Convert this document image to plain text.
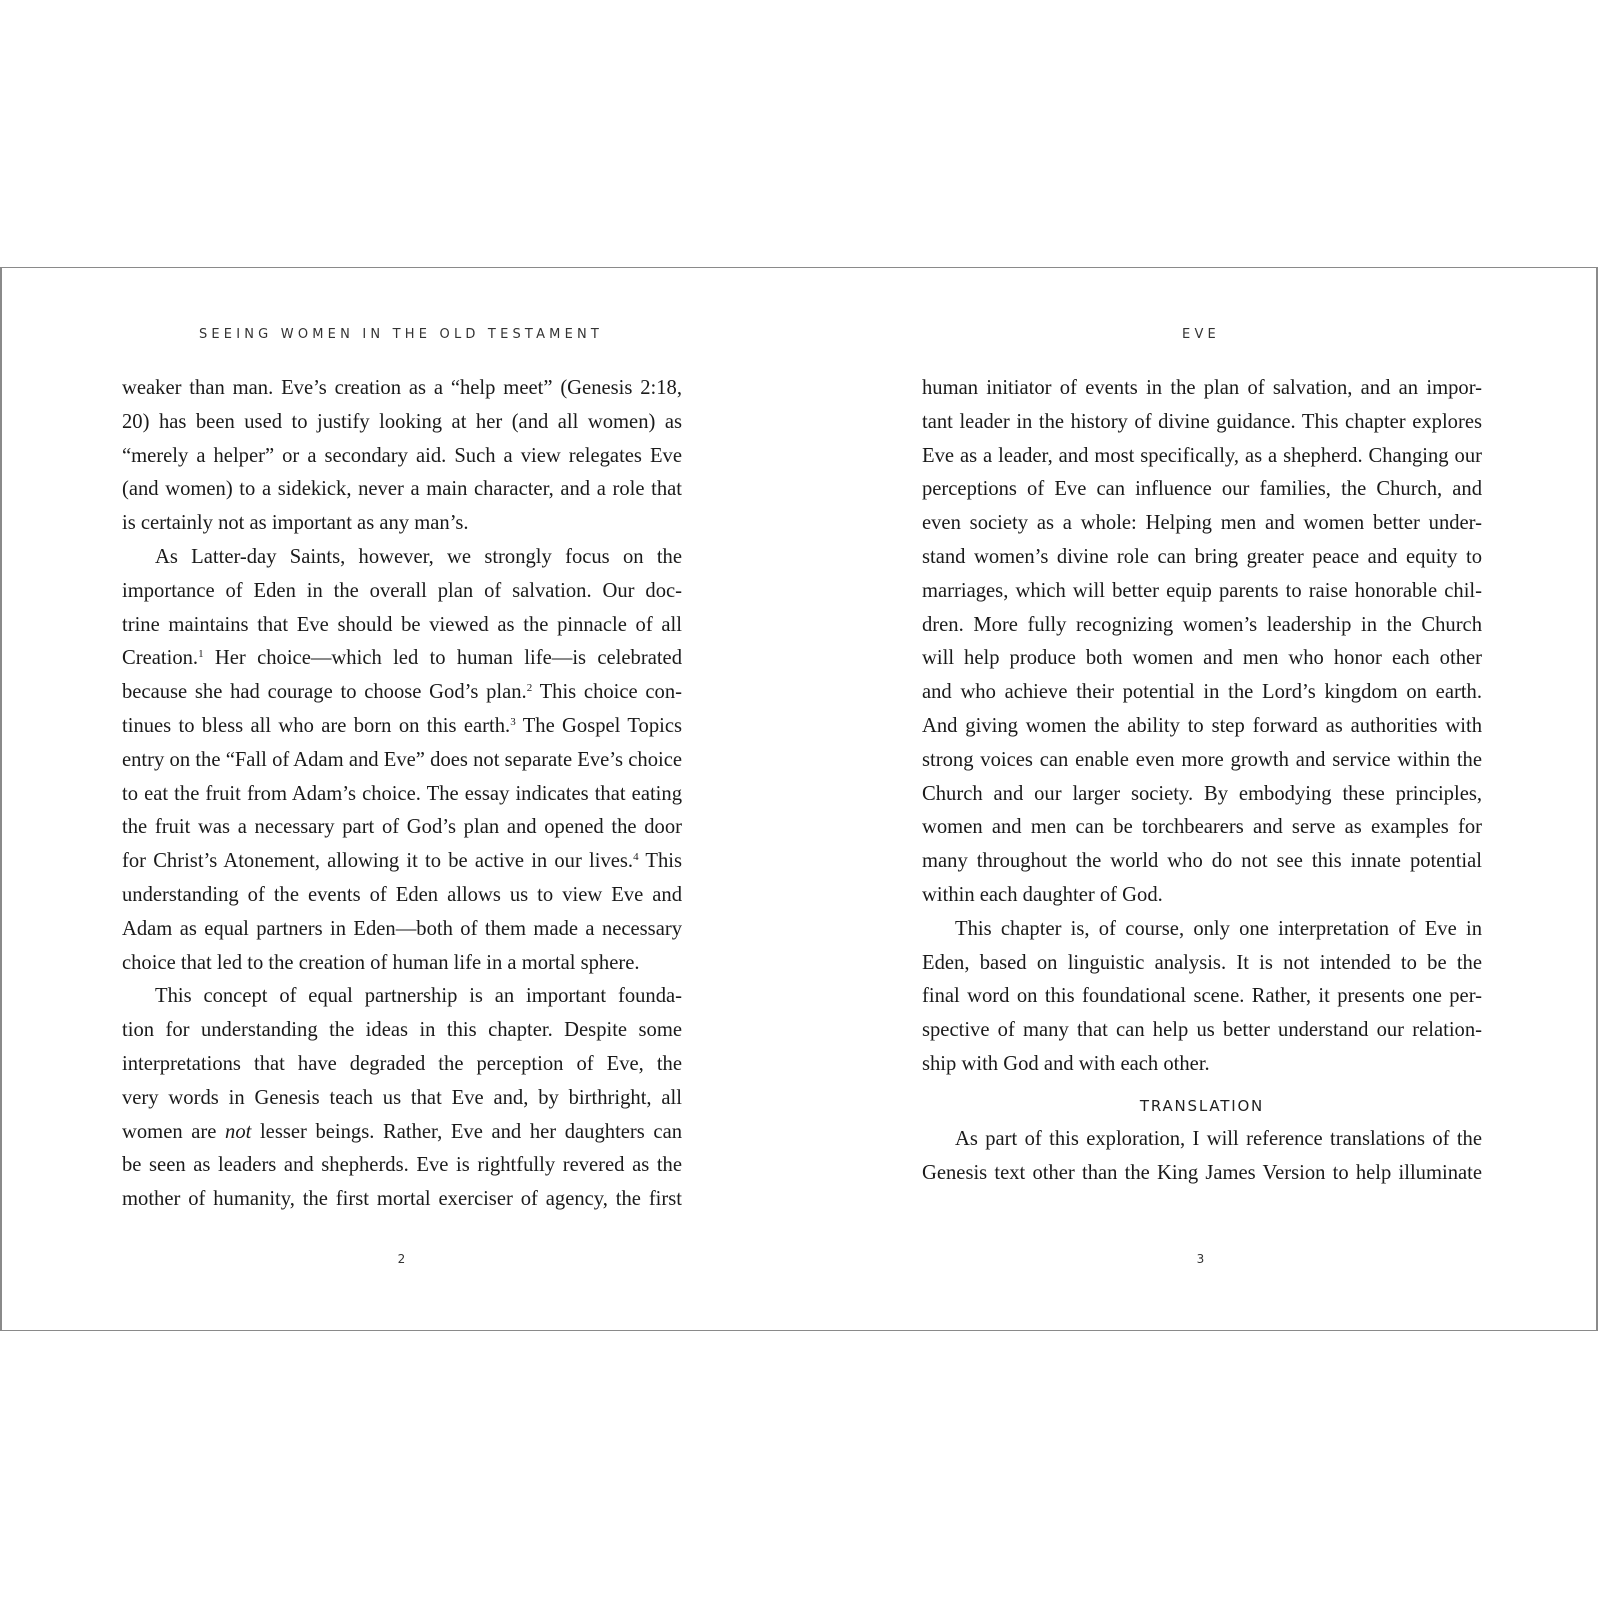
SEEING WOMEN IN THE OLD TESTAMENT
weaker than man. Eve’s creation as a “help meet” (Genesis 2:18,
20) has been used to justify looking at her (and all women) as
“merely a helper” or a secondary aid. Such a view relegates Eve
(and women) to a sidekick, never a main character, and a role that
is certainly not as important as any man’s.
As Latter-day Saints, however, we strongly focus on the
importance of Eden in the overall plan of salvation. Our doc-
trine maintains that Eve should be viewed as the pinnacle of all
Creation.$^1$ Her choice—which led to human life—is celebrated
because she had courage to choose God’s plan.$^2$ This choice con-
tinues to bless all who are born on this earth.$^3$ The Gospel Topics
entry on the “Fall of Adam and Eve” does not separate Eve’s choice
to eat the fruit from Adam’s choice. The essay indicates that eating
the fruit was a necessary part of God’s plan and opened the door
for Christ’s Atonement, allowing it to be active in our lives.$^4$ This
understanding of the events of Eden allows us to view Eve and
Adam as equal partners in Eden—both of them made a necessary
choice that led to the creation of human life in a mortal sphere.
This concept of equal partnership is an important founda-
tion for understanding the ideas in this chapter. Despite some
interpretations that have degraded the perception of Eve, the
very words in Genesis teach us that Eve and, by birthright, all
women are not lesser beings. Rather, Eve and her daughters can
be seen as leaders and shepherds. Eve is rightfully revered as the
mother of humanity, the first mortal exerciser of agency, the first
2
EVE
human initiator of events in the plan of salvation, and an impor-
tant leader in the history of divine guidance. This chapter explores
Eve as a leader, and most specifically, as a shepherd. Changing our
perceptions of Eve can influence our families, the Church, and
even society as a whole: Helping men and women better under-
stand women’s divine role can bring greater peace and equity to
marriages, which will better equip parents to raise honorable chil-
dren. More fully recognizing women’s leadership in the Church
will help produce both women and men who honor each other
and who achieve their potential in the Lord’s kingdom on earth.
And giving women the ability to step forward as authorities with
strong voices can enable even more growth and service within the
Church and our larger society. By embodying these principles,
women and men can be torchbearers and serve as examples for
many throughout the world who do not see this innate potential
within each daughter of God.
This chapter is, of course, only one interpretation of Eve in
Eden, based on linguistic analysis. It is not intended to be the
final word on this foundational scene. Rather, it presents one per-
spective of many that can help us better understand our relation-
ship with God and with each other.
TRANSLATION
As part of this exploration, I will reference translations of the
Genesis text other than the King James Version to help illuminate
3
